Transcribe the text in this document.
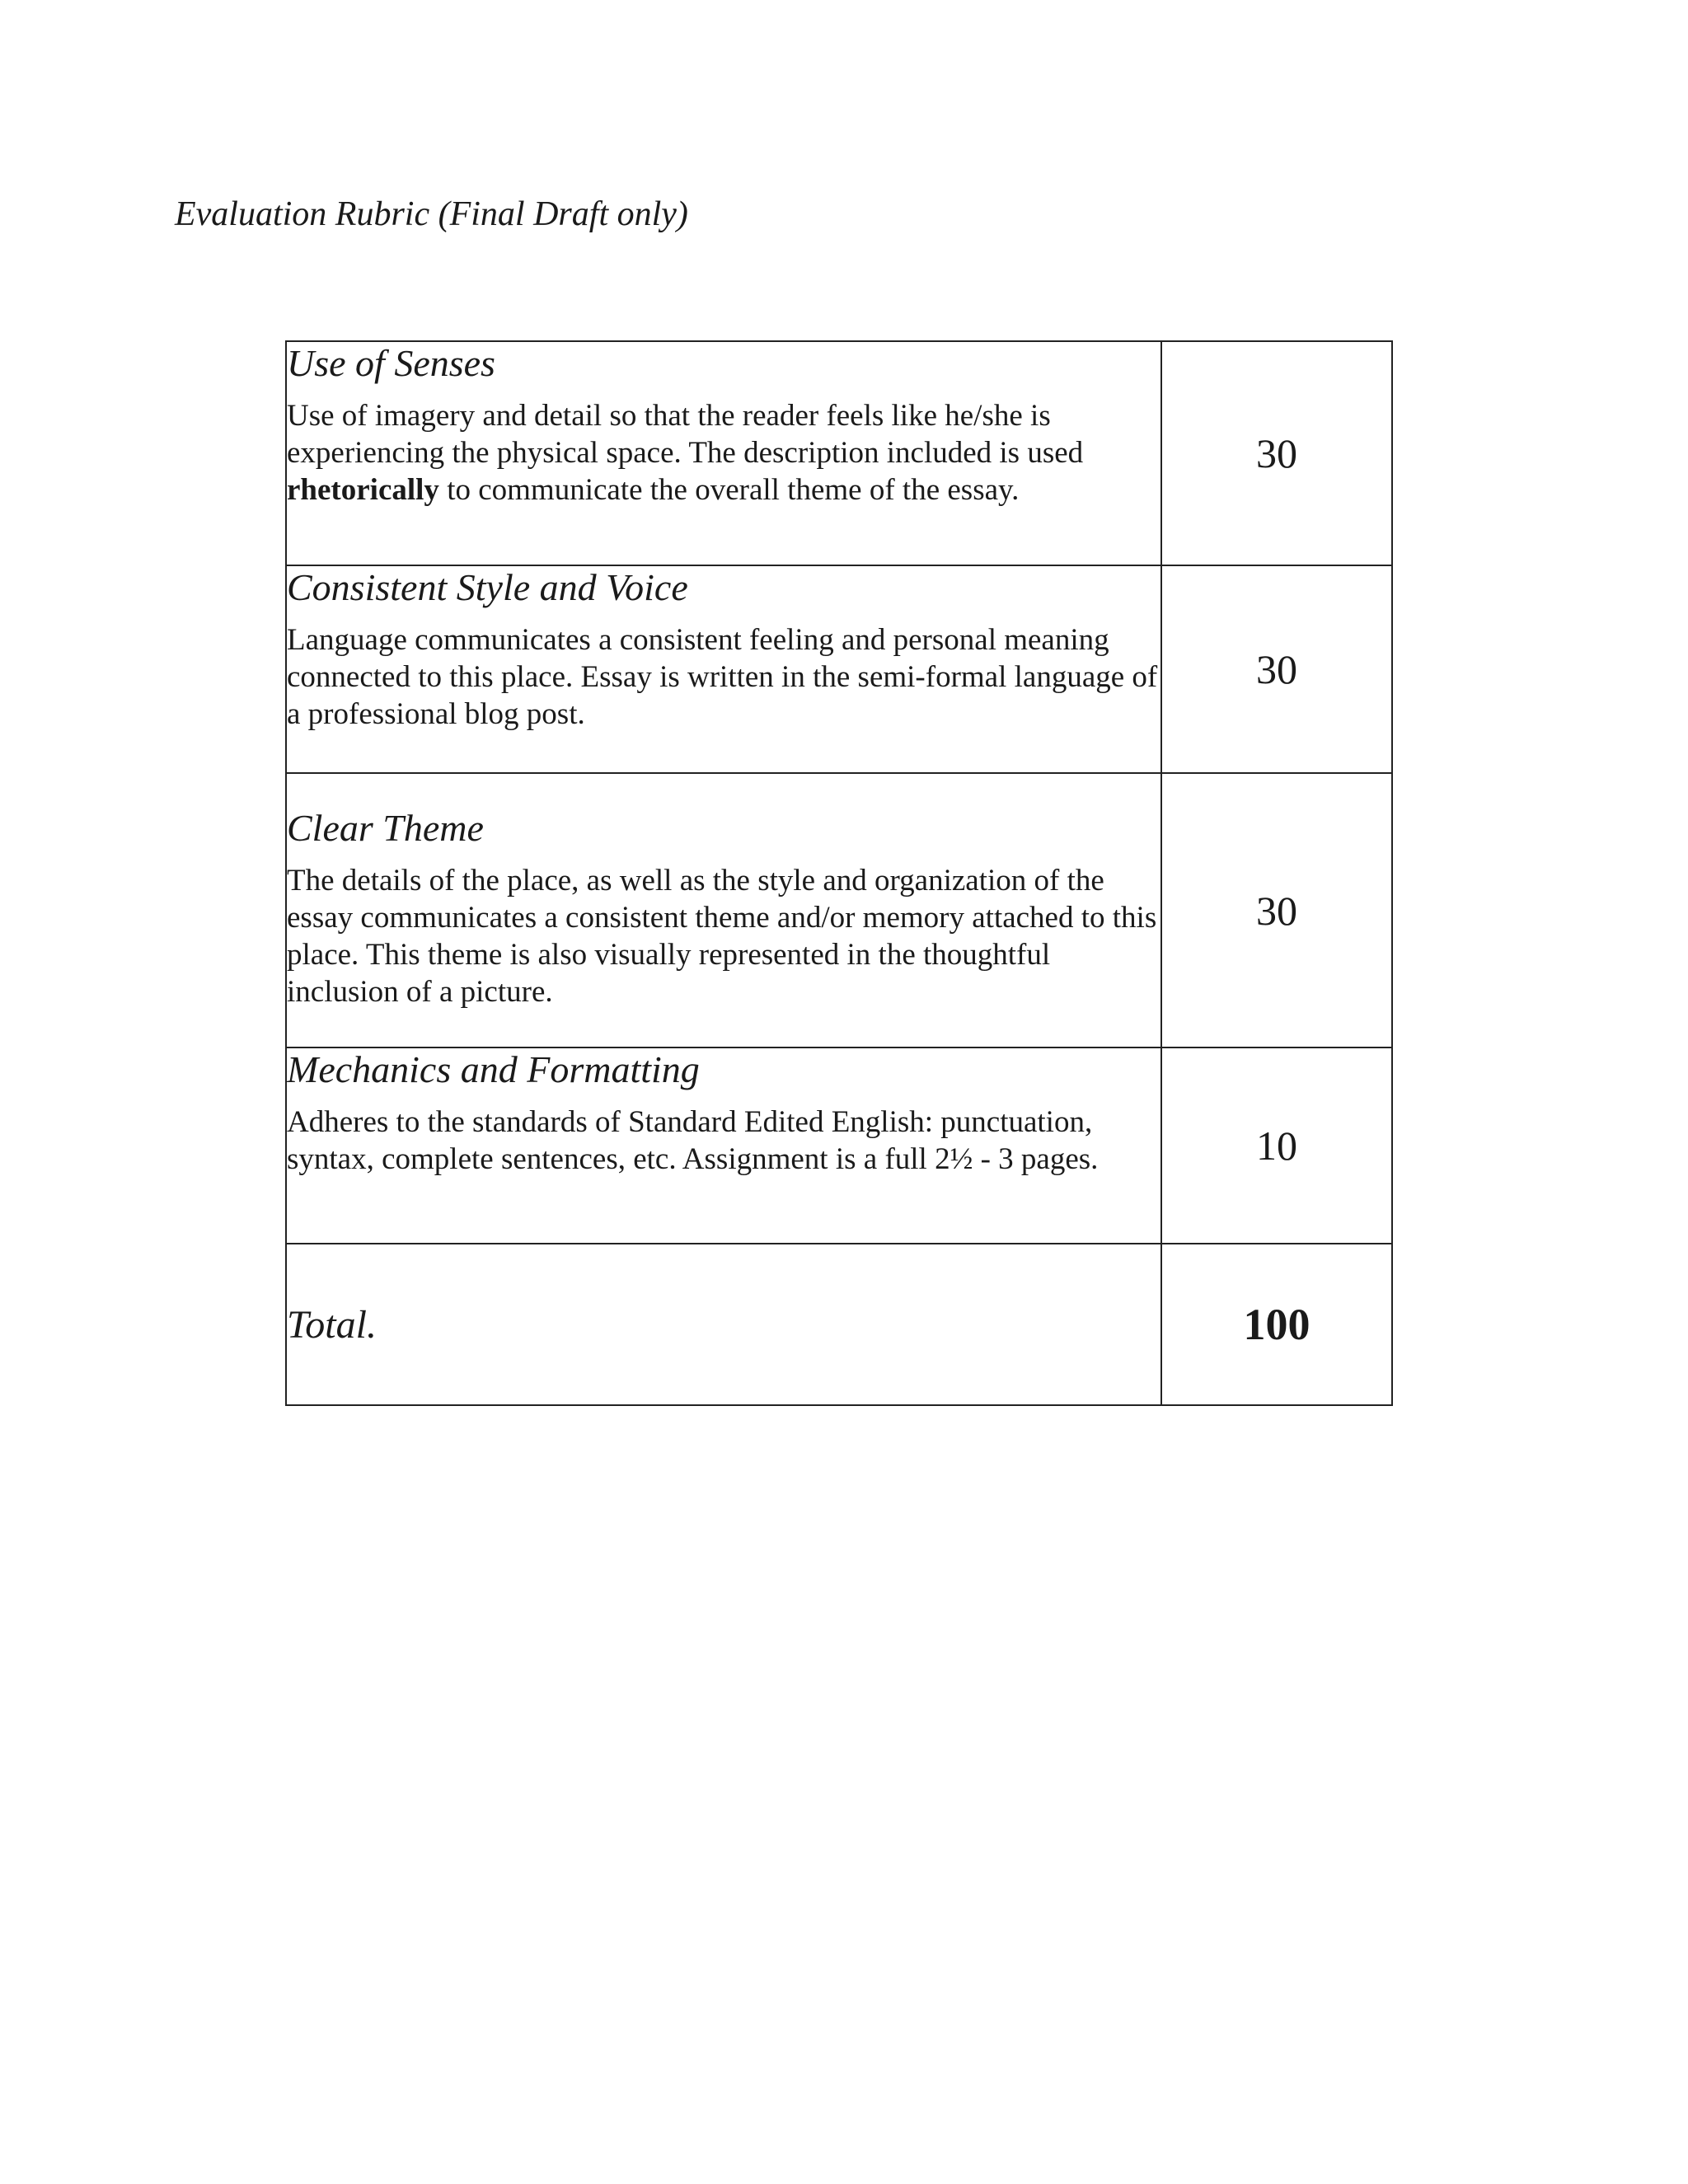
Evaluation Rubric (Final Draft only)
Use of Senses

Use of imagery and detail so that the reader feels like he/she is experiencing the physical space. The description included is used rhetorically to communicate the overall theme of the essay.	30

Consistent Style and Voice

Language communicates a consistent feeling and personal meaning connected to this place. Essay is written in the semi-formal language of a professional blog post.	30

Clear Theme

The details of the place, as well as the style and organization of the essay communicates a consistent theme and/or memory attached to this place. This theme is also visually represented in the thoughtful inclusion of a picture.	30

Mechanics and Formatting

Adheres to the standards of Standard Edited English: punctuation, syntax, complete sentences, etc. Assignment is a full 2½ - 3 pages.	10
Total.	100
